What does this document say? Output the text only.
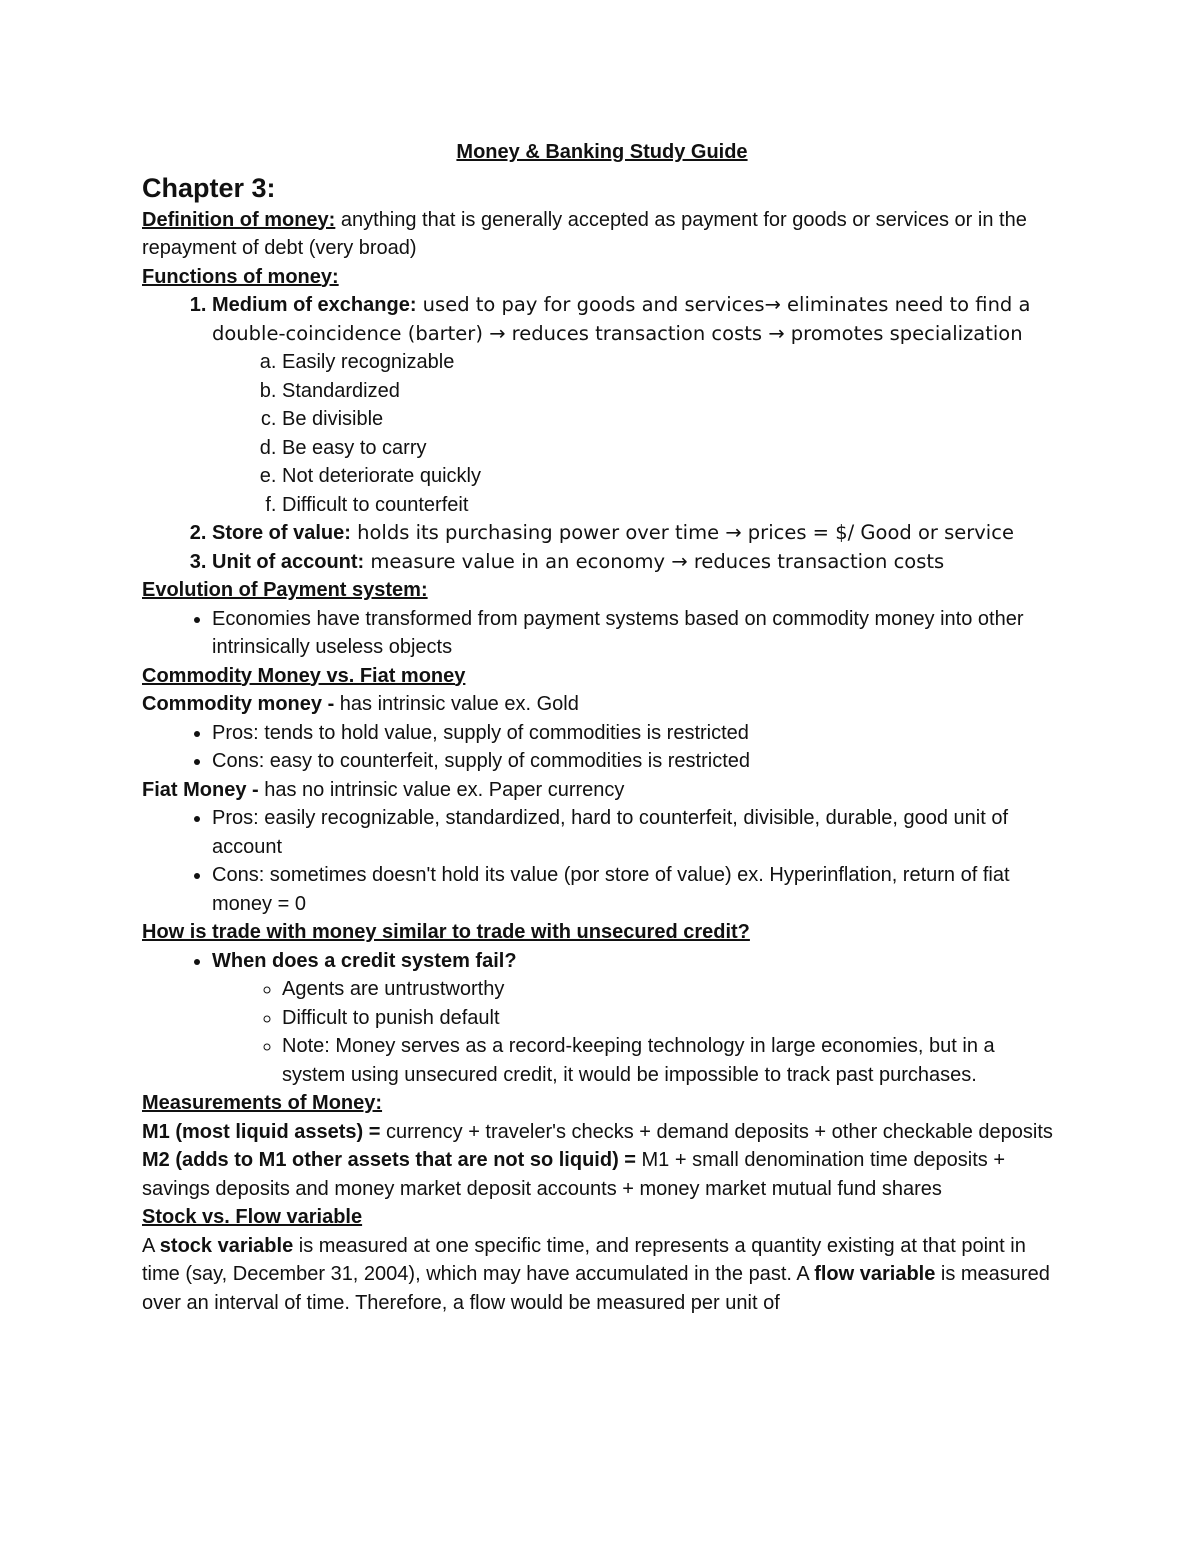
Money & Banking Study Guide
Chapter 3:

Definition of money: anything that is generally accepted as payment for goods or services or in the repayment of debt (very broad)

Functions of money:

1. Medium of exchange: used to pay for goods and services→ eliminates need to find a double-coincidence (barter) → reduces transaction costs → promotes specialization
a. Easily recognizable
b. Standardized
c. Be divisible
d. Be easy to carry
e. Not deteriorate quickly
f. Difficult to counterfeit
2. Store of value: holds its purchasing power over time → prices = $/ Good or service
3. Unit of account: measure value in an economy → reduces transaction costs

Evolution of Payment system:

• Economies have transformed from payment systems based on commodity money into other intrinsically useless objects

Commodity Money vs. Fiat money

Commodity money - has intrinsic value ex. Gold

• Pros: tends to hold value, supply of commodities is restricted
• Cons: easy to counterfeit, supply of commodities is restricted

Fiat Money - has no intrinsic value ex. Paper currency

• Pros: easily recognizable, standardized, hard to counterfeit, divisible, durable, good unit of account
• Cons: sometimes doesn't hold its value (por store of value) ex. Hyperinflation, return of fiat money = 0

How is trade with money similar to trade with unsecured credit?

• When does a credit system fail?
◦ Agents are untrustworthy
◦ Difficult to punish default
◦ Note: Money serves as a record-keeping technology in large economies, but in a system using unsecured credit, it would be impossible to track past purchases.

Measurements of Money:

M1 (most liquid assets) = currency + traveler's checks + demand deposits + other checkable deposits

M2 (adds to M1 other assets that are not so liquid) = M1 + small denomination time deposits + savings deposits and money market deposit accounts + money market mutual fund shares

Stock vs. Flow variable

A stock variable is measured at one specific time, and represents a quantity existing at that point in time (say, December 31, 2004), which may have accumulated in the past. A flow variable is measured over an interval of time. Therefore, a flow would be measured per unit of
